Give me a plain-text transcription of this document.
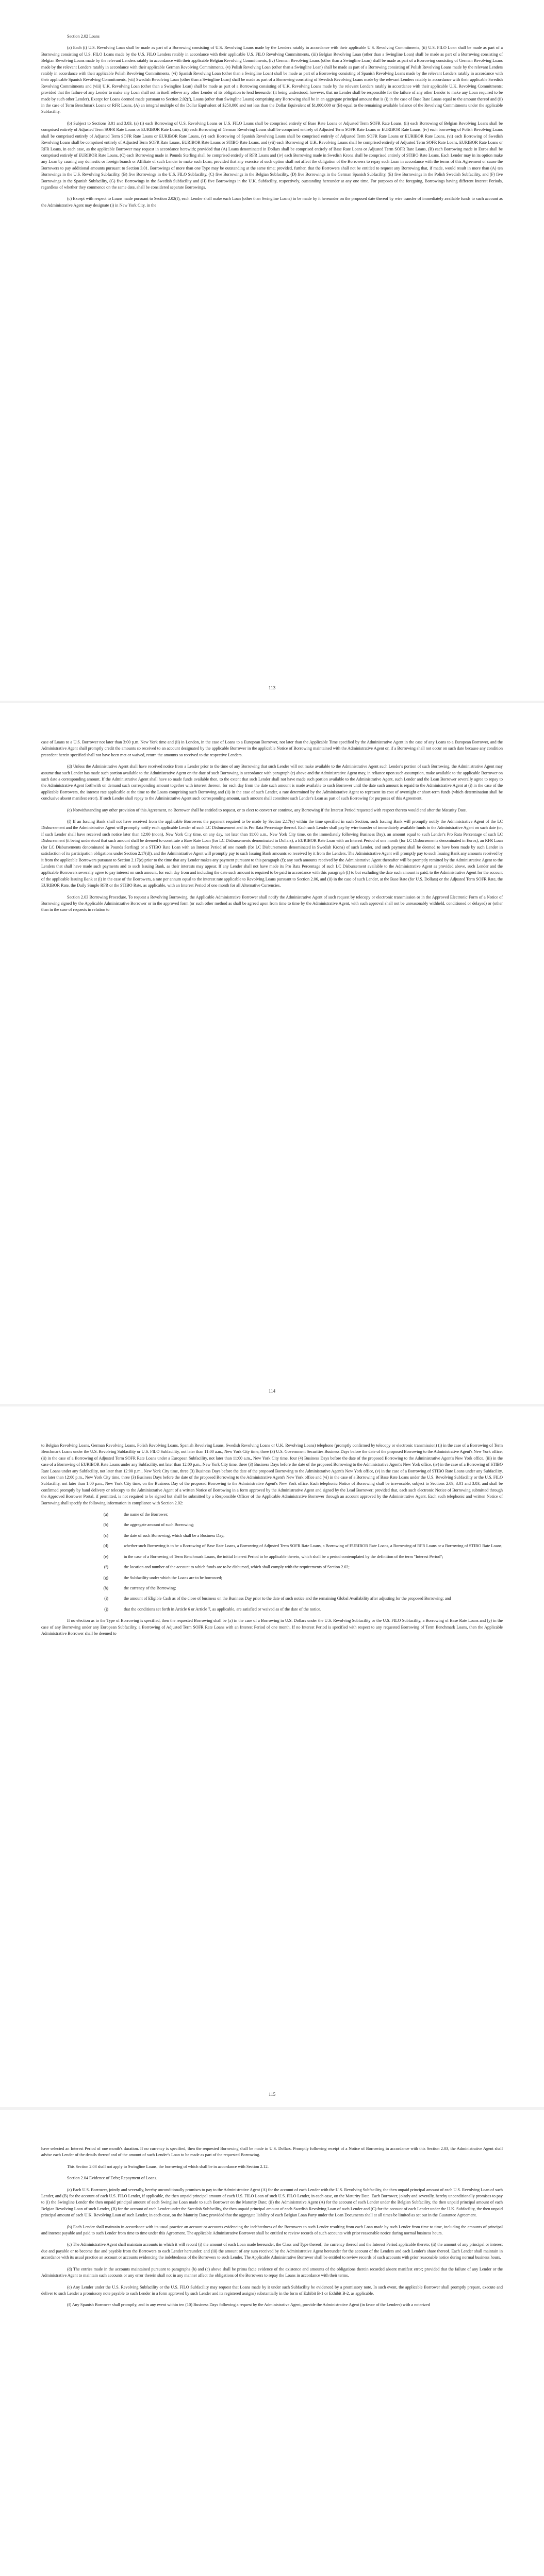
Section 2.02 Loans
(a) Each (i) U.S. Revolving Loan shall be made as part of a Borrowing consisting of U.S. Revolving Loans made by the Lenders ratably in accordance with their applicable U.S. Revolving Commitments, (ii) U.S. FILO Loan shall be made as part of a Borrowing consisting of U.S. FILO Loans made by the U.S. FILO Lenders ratably in accordance with their applicable U.S. FILO Revolving Commitments, (iii) Belgian Revolving Loan (other than a Swingline Loan) shall be made as part of a Borrowing consisting of Belgian Revolving Loans made by the relevant Lenders ratably in accordance with their applicable Belgian Revolving Commitments, (iv) German Revolving Loans (other than a Swingline Loan) shall be made as part of a Borrowing consisting of German Revolving Loans made by the relevant Lenders ratably in accordance with their applicable German Revolving Commitments, (v) Polish Revolving Loan (other than a Swingline Loan) shall be made as part of a Borrowing consisting of Polish Revolving Loans made by the relevant Lenders ratably in accordance with their applicable Polish Revolving Commitments, (vi) Spanish Revolving Loan (other than a Swingline Loan) shall be made as part of a Borrowing consisting of Spanish Revolving Loans made by the relevant Lenders ratably in accordance with their applicable Spanish Revolving Commitments, (vii) Swedish Revolving Loan (other than a Swingline Loan) shall be made as part of a Borrowing consisting of Swedish Revolving Loans made by the relevant Lenders ratably in accordance with their applicable Swedish Revolving Commitments and (viii) U.K. Revolving Loan (other than a Swingline Loan) shall be made as part of a Borrowing consisting of U.K. Revolving Loans made by the relevant Lenders ratably in accordance with their applicable U.K. Revolving Commitments; provided that the failure of any Lender to make any Loan shall not in itself relieve any other Lender of its obligation to lend hereunder (it being understood, however, that no Lender shall be responsible for the failure of any other Lender to make any Loan required to be made by such other Lender). Except for Loans deemed made pursuant to Section 2.02(f), Loans (other than Swingline Loans) comprising any Borrowing shall be in an aggregate principal amount that is (i) in the case of Base Rate Loans equal to the amount thereof and (ii) in the case of Term Benchmark Loans or RFR Loans, (A) an integral multiple of the Dollar Equivalent of $250,000 and not less than the Dollar Equivalent of $1,000,000 or (B) equal to the remaining available balance of the Revolving Commitments under the applicable Subfacility.
(b) Subject to Sections 3.01 and 3.03, (a) (i) each Borrowing of U.S. Revolving Loans or U.S. FILO Loans shall be comprised entirely of Base Rate Loans or Adjusted Term SOFR Rate Loans, (ii) each Borrowing of Belgian Revolving Loans shall be comprised entirely of Adjusted Term SOFR Rate Loans or EURIBOR Rate Loans, (iii) each Borrowing of German Revolving Loans shall be comprised entirely of Adjusted Term SOFR Rate Loans or EURIBOR Rate Loans, (iv) each borrowing of Polish Revolving Loans shall be comprised entirely of Adjusted Term SOFR Rate Loans or EURIBOR Rate Loans, (v) each Borrowing of Spanish Revolving Loans shall be comprised entirely of Adjusted Term SOFR Rate Loans or EURIBOR Rate Loans, (vi) each Borrowing of Swedish Revolving Loans shall be comprised entirely of Adjusted Term SOFR Rate Loans, EURIBOR Rate Loans or STIBO Rate Loans, and (vii) each Borrowing of U.K. Revolving Loans shall be comprised entirely of Adjusted Term SOFR Rate Loans, EURIBOR Rate Loans or RFR Loans, in each case, as the applicable Borrower may request in accordance herewith; provided that (A) Loans denominated in Dollars shall be comprised entirely of Base Rate Loans or Adjusted Term SOFR Rate Loans, (B) each Borrowing made in Euros shall be comprised entirely of EURIBOR Rate Loans, (C) each Borrowing made in Pounds Sterling shall be comprised entirely of RFR Loans and (iv) each Borrowing made in Swedish Krona shall be comprised entirely of STIBO Rate Loans. Each Lender may in its option make any Loan by causing any domestic or foreign branch or Affiliate of such Lender to make such Loan; provided that any exercise of such option shall not affect the obligation of the Borrowers to repay such Loan in accordance with the terms of this Agreement or cause the Borrowers to pay additional amounts pursuant to Section 3.01. Borrowings of more than one Type may be outstanding at the same time; provided, further, that the Borrowers shall not be entitled to request any Borrowing that, if made, would result in more than (A) ten Borrowings in the U.S. Revolving Subfacility, (B) five Borrowings in the U.S. FILO Subfacility, (C) five Borrowings in the Belgian Subfacility, (D) five Borrowings in the German Spanish Subfacility, (E) five Borrowings in the Polish Swedish Subfacility, and (F) five Borrowings in the Spanish Subfacility, (G) five Borrowings in the Swedish Subfacility and (H) five Borrowings in the U.K. Subfacility, respectively, outstanding hereunder at any one time. For purposes of the foregoing, Borrowings having different Interest Periods, regardless of whether they commence on the same date, shall be considered separate Borrowings.
(c) Except with respect to Loans made pursuant to Section 2.02(f), each Lender shall make each Loan (other than Swingline Loans) to be made by it hereunder on the proposed date thereof by wire transfer of immediately available funds to such account as the Administrative Agent may designate (i) in New York City, in the
113
case of Loans to a U.S. Borrower not later than 3:00 p.m. New York time and (ii) in London, in the case of Loans to a European Borrower, not later than the Applicable Time specified by the Administrative Agent in the case of any Loans to a European Borrower, and the Administrative Agent shall promptly credit the amounts so received to an account designated by the applicable Borrower in the applicable Notice of Borrowing maintained with the Administrative Agent or, if a Borrowing shall not occur on such date because any condition precedent herein specified shall not have been met or waived, return the amounts so received to the respective Lenders.
(d) Unless the Administrative Agent shall have received notice from a Lender prior to the time of any Borrowing that such Lender will not make available to the Administrative Agent such Lender's portion of such Borrowing, the Administrative Agent may assume that such Lender has made such portion available to the Administrative Agent on the date of such Borrowing in accordance with paragraph (c) above and the Administrative Agent may, in reliance upon such assumption, make available to the applicable Borrower on such date a corresponding amount. If the Administrative Agent shall have so made funds available then, to the extent that such Lender shall not have made such portion available to the Administrative Agent, such Lender and the Loan Borrower severally agree to repay to the Administrative Agent forthwith on demand such corresponding amount together with interest thereon, for each day from the date such amount is made available to such Borrower until the date such amount is repaid to the Administrative Agent at (i) in the case of the applicable Borrowers, the interest rate applicable at the time to the Loans comprising such Borrowing and (ii) in the case of such Lender, a rate determined by the Administrative Agent to represent its cost of overnight or short-term funds (which determination shall be conclusive absent manifest error). If such Lender shall repay to the Administrative Agent such corresponding amount, such amount shall constitute such Lender's Loan as part of such Borrowing for purposes of this Agreement.
(e) Notwithstanding any other provision of this Agreement, no Borrower shall be entitled to request, or to elect to convert or continue, any Borrowing if the Interest Period requested with respect thereto would end after the Maturity Date.
(f) If an Issuing Bank shall not have received from the applicable Borrowers the payment required to be made by Section 2.17(e) within the time specified in such Section, such Issuing Bank will promptly notify the Administrative Agent of the LC Disbursement and the Administrative Agent will promptly notify each applicable Lender of such LC Disbursement and its Pro Rata Percentage thereof. Each such Lender shall pay by wire transfer of immediately available funds to the Administrative Agent on such date (or, if such Lender shall have received such notice later than 12:00 (noon), New York City time, on any day, not later than 11:00 a.m., New York City time, on the immediately following Business Day), an amount equal to such Lender's Pro Rata Percentage of such LC Disbursement (it being understood that such amount shall be deemed to constitute a Base Rate Loan (for LC Disbursements denominated in Dollars), a EURIBOR Rate Loan with an Interest Period of one month (for LC Disbursements denominated in Euros), an RFR Loan (for LC Disbursements denominated in Pounds Sterling) or a STIBO Rate Loan with an Interest Period of one month (for LC Disbursements denominated in Swedish Krona) of such Lender, and such payment shall be deemed to have been made by such Lender in satisfaction of its participation obligations under Section 2.17(d)), and the Administrative Agent will promptly pay to such Issuing Bank amounts so received by it from the Lenders. The Administrative Agent will promptly pay to such Issuing Bank any amounts received by it from the applicable Borrowers pursuant to Section 2.17(e) prior to the time that any Lender makes any payment pursuant to this paragraph (f); any such amounts received by the Administrative Agent thereafter will be promptly remitted by the Administrative Agent to the Lenders that shall have made such payments and to such Issuing Bank, as their interests may appear. If any Lender shall not have made its Pro Rata Percentage of such LC Disbursement available to the Administrative Agent as provided above, such Lender and the applicable Borrowers severally agree to pay interest on such amount, for each day from and including the date such amount is required to be paid in accordance with this paragraph (f) to but excluding the date such amount is paid, to the Administrative Agent for the account of the applicable Issuing Bank at (i) in the case of the Borrowers, a rate per annum equal to the interest rate applicable to Revolving Loans pursuant to Section 2.06, and (ii) in the case of such Lender, at the Base Rate (for U.S. Dollars) or the Adjusted Term SOFR Rate, the EURIBOR Rate, the Daily Simple RFR or the STIBO Rate, as applicable, with an Interest Period of one month for all Alternative Currencies.
Section 2.03 Borrowing Procedure. To request a Revolving Borrowing, the Applicable Administrative Borrower shall notify the Administrative Agent of such request by telecopy or electronic transmission or in the Approved Electronic Form of a Notice of Borrowing signed by the Applicable Administrative Borrower or in the approved form (or such other method as shall be agreed upon from time to time by the Administrative Agent, with such approval shall not be unreasonably withheld, conditioned or delayed) or (other than in the case of requests in relation to
114
to Belgian Revolving Loans, German Revolving Loans, Polish Revolving Loans, Spanish Revolving Loans, Swedish Revolving Loans or U.K. Revolving Loans) telephone (promptly confirmed by telecopy or electronic transmission) (i) in the case of a Borrowing of Term Benchmark Loans under the U.S. Revolving Subfacility or U.S. FILO Subfacility, not later than 11:00 a.m., New York City time, three (3) U.S. Government Securities Business Days before the date of the proposed Borrowing to the Administrative Agent's New York office; (ii) in the case of a Borrowing of Adjusted Term SOFR Rate Loans under a European Subfacility, not later than 11:00 a.m., New York City time, four (4) Business Days before the date of the proposed Borrowing to the Administrative Agent's New York office, (iii) in the case of a Borrowing of EURIBOR Rate Loans under any Subfacility, not later than 12:00 p.m., New York City time, three (3) Business Days before the date of the proposed Borrowing to the Administrative Agent's New York office, (iv) in the case of a Borrowing of STIBO Rate Loans under any Subfacility, not later than 12:00 p.m., New York City time, three (3) Business Days before the date of the proposed Borrowing to the Administrative Agent's New York office, (v) in the case of a Borrowing of STIBO Rate Loans under any Subfacility, not later than 12:00 p.m., New York City time, three (3) Business Days before the date of the proposed Borrowing to the Administrative Agent's New York office and (vi) in the case of a Borrowing of Base Rate Loans under the U.S. Revolving Subfacility or the U.S. FILO Subfacility, not later than 1:00 p.m., New York City time, on the Business Day of the proposed Borrowing to the Administrative Agent's New York office. Each telephonic Notice of Borrowing shall be irrevocable, subject to Sections 2.09, 3.01 and 3.03, and shall be confirmed promptly by hand delivery or telecopy to the Administrative Agent of a written Notice of Borrowing in a form approved by the Administrative Agent and signed by the Lead Borrower; provided that, each such electronic Notice of Borrowing submitted through the Approved Borrower Portal, if permitted, is not required to be signed but shall be submitted by a Responsible Officer of the Applicable Administrative Borrower through an account approved by the Administrative Agent. Each such telephonic and written Notice of Borrowing shall specify the following information in compliance with Section 2.02:
(a)	the name of the Borrower;
(b)	the aggregate amount of such Borrowing;
(c)	the date of such Borrowing, which shall be a Business Day;
(d)	whether such Borrowing is to be a Borrowing of Base Rate Loans, a Borrowing of Adjusted Term SOFR Rate Loans, a Borrowing of EURIBOR Rate Loans, a Borrowing of RFR Loans or a Borrowing of STIBO Rate Loans;
(e)	in the case of a Borrowing of Term Benchmark Loans, the initial Interest Period to be applicable thereto, which shall be a period contemplated by the definition of the term "Interest Period";
(f)	the location and number of the account to which funds are to be disbursed, which shall comply with the requirements of Section 2.02;
(g)	the Subfacility under which the Loans are to be borrowed;
(h)	the currency of the Borrowing;
(i)	the amount of Eligible Cash as of the close of business on the Business Day prior to the date of such notice and the remaining Global Availability after adjusting for the proposed Borrowing; and
(j)	that the conditions set forth in Article 6 or Article 7, as applicable, are satisfied or waived as of the date of the notice.
If no election as to the Type of Borrowing is specified, then the requested Borrowing shall be (x) in the case of a Borrowing in U.S. Dollars under the U.S. Revolving Subfacility or the U.S. FILO Subfacility, a Borrowing of Base Rate Loans and (y) in the case of any Borrowing under any European Subfacility, a Borrowing of Adjusted Term SOFR Rate Loans with an Interest Period of one month. If no Interest Period is specified with respect to any requested Borrowing of Term Benchmark Loans, then the Applicable Administrative Borrower shall be deemed to
115
have selected an Interest Period of one month's duration. If no currency is specified, then the requested Borrowing shall be made in U.S. Dollars. Promptly following receipt of a Notice of Borrowing in accordance with this Section 2.03, the Administrative Agent shall advise each Lender of the details thereof and of the amount of such Lender's Loan to be made as part of the requested Borrowing.
This Section 2.03 shall not apply to Swingline Loans, the borrowing of which shall be in accordance with Section 2.12.
Section 2.04 Evidence of Debt; Repayment of Loans.
(a) Each U.S. Borrower, jointly and severally, hereby unconditionally promises to pay to the Administrative Agent (A) for the account of each Lender with the U.S. Revolving Subfacility, the then unpaid principal amount of each U.S. Revolving Loan of such Lender, and (B) for the account of each U.S. FILO Lender, if applicable, the then unpaid principal amount of each U.S. FILO Loan of such U.S. FILO Lender, in each case, on the Maturity Date. Each Borrower, jointly and severally, hereby unconditionally promises to pay to (i) the Swingline Lender the then unpaid principal amount of each Swingline Loan made to such Borrower on the Maturity Date; (ii) the Administrative Agent (A) for the account of each Lender under the Belgian Subfacility, the then unpaid principal amount of each Belgian Revolving Loan of such Lender, (B) for the account of each Lender under the Swedish Subfacility, the then unpaid principal amount of each Swedish Revolving Loan of such Lender and (C) for the account of each Lender under the U.K. Subfacility, the then unpaid principal amount of each U.K. Revolving Loan of such Lender, in each case, on the Maturity Date; provided that the aggregate liability of each Belgian Loan Party under the Loan Documents shall at all times be limited as set out in the Guarantee Agreement.
(b) Each Lender shall maintain in accordance with its usual practice an account or accounts evidencing the indebtedness of the Borrowers to such Lender resulting from each Loan made by such Lender from time to time, including the amounts of principal and interest payable and paid to such Lender from time to time under this Agreement. The applicable Administrative Borrower shall be entitled to review records of such accounts with prior reasonable notice during normal business hours.
(c) The Administrative Agent shall maintain accounts in which it will record (i) the amount of each Loan made hereunder, the Class and Type thereof, the currency thereof and the Interest Period applicable thereto; (ii) the amount of any principal or interest due and payable or to become due and payable from the Borrowers to each Lender hereunder; and (iii) the amount of any sum received by the Administrative Agent hereunder for the account of the Lenders and each Lender's share thereof. Each Lender shall maintain in accordance with its usual practice an account or accounts evidencing the indebtedness of the Borrowers to such Lender. The Applicable Administrative Borrower shall be entitled to review records of such accounts with prior reasonable notice during normal business hours.
(d) The entries made in the accounts maintained pursuant to paragraphs (b) and (c) above shall be prima facie evidence of the existence and amounts of the obligations therein recorded absent manifest error; provided that the failure of any Lender or the Administrative Agent to maintain such accounts or any error therein shall not in any manner affect the obligations of the Borrowers to repay the Loans in accordance with their terms.
(e) Any Lender under the U.S. Revolving Subfacility or the U.S. FILO Subfacility may request that Loans made by it under such Subfacility be evidenced by a promissory note. In such event, the applicable Borrower shall promptly prepare, execute and deliver to such Lender a promissory note payable to such Lender in a form approved by such Lender and its registered assigns) substantially in the form of Exhibit B-1 or Exhibit B-2, as applicable.
(f) Any Spanish Borrower shall promptly, and in any event within ten (10) Business Days following a request by the Administrative Agent, provide the Administrative Agent (in favor of the Lenders) with a notarized
